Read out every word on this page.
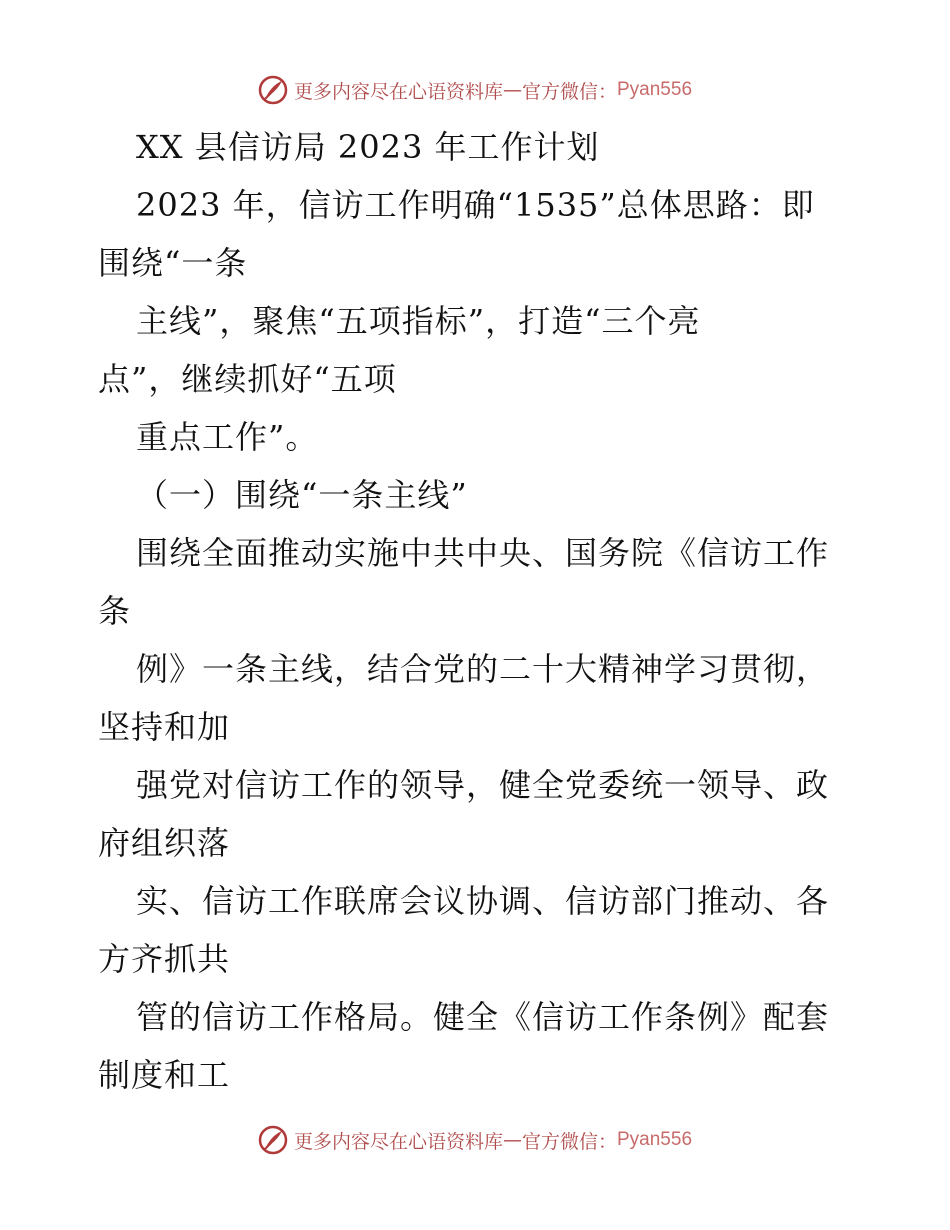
更多内容尽在心语资料库 — 官方微信： Pyan556
XX 县信访局 2023 年工作计划
2023 年，信访工作明确“1535”总体思路：即
围绕“一条
主线”，聚焦“五项指标”，打造“三个亮
点”，继续抓好“五项
重点工作”。
（一）围绕“一条主线”
围绕全面推动实施中共中央、国务院《信访工作
条
例》一条主线，结合党的二十大精神学习贯彻，
坚持和加
强党对信访工作的领导，健全党委统一领导、政
府组织落
实、信访工作联席会议协调、信访部门推动、各
方齐抓共
管的信访工作格局。健全《信访工作条例》配套
制度和工
更多内容尽在心语资料库 — 官方微信： Pyan556
